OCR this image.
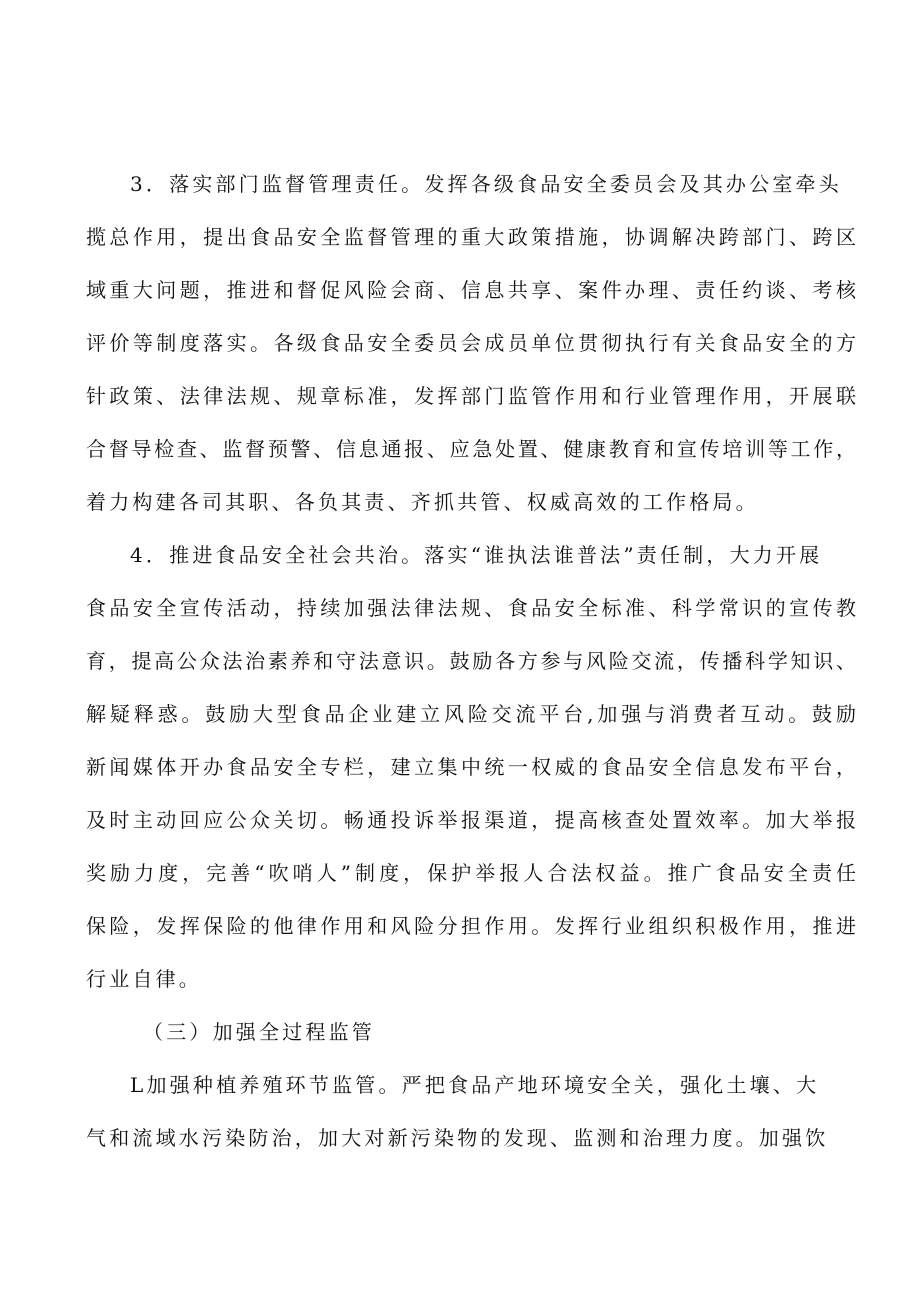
3．落实部门监督管理责任。发挥各级食品安全委员会及其办公室牵头
揽总作用，提出食品安全监督管理的重大政策措施，协调解决跨部门、跨区
域重大问题，推进和督促风险会商、信息共享、案件办理、责任约谈、考核
评价等制度落实。各级食品安全委员会成员单位贯彻执行有关食品安全的方
针政策、法律法规、规章标准，发挥部门监管作用和行业管理作用，开展联
合督导检查、监督预警、信息通报、应急处置、健康教育和宣传培训等工作，
着力构建各司其职、各负其责、齐抓共管、权威高效的工作格局。
4．推进食品安全社会共治。落实“谁执法谁普法”责任制，大力开展
食品安全宣传活动，持续加强法律法规、食品安全标准、科学常识的宣传教
育，提高公众法治素养和守法意识。鼓励各方参与风险交流，传播科学知识、
解疑释惑。鼓励大型食品企业建立风险交流平台,加强与消费者互动。鼓励
新闻媒体开办食品安全专栏，建立集中统一权威的食品安全信息发布平台，
及时主动回应公众关切。畅通投诉举报渠道，提高核查处置效率。加大举报
奖励力度，完善“吹哨人”制度，保护举报人合法权益。推广食品安全责任
保险，发挥保险的他律作用和风险分担作用。发挥行业组织积极作用，推进
行业自律。
（三）加强全过程监管
L加强种植养殖环节监管。严把食品产地环境安全关，强化土壤、大
气和流域水污染防治，加大对新污染物的发现、监测和治理力度。加强饮
